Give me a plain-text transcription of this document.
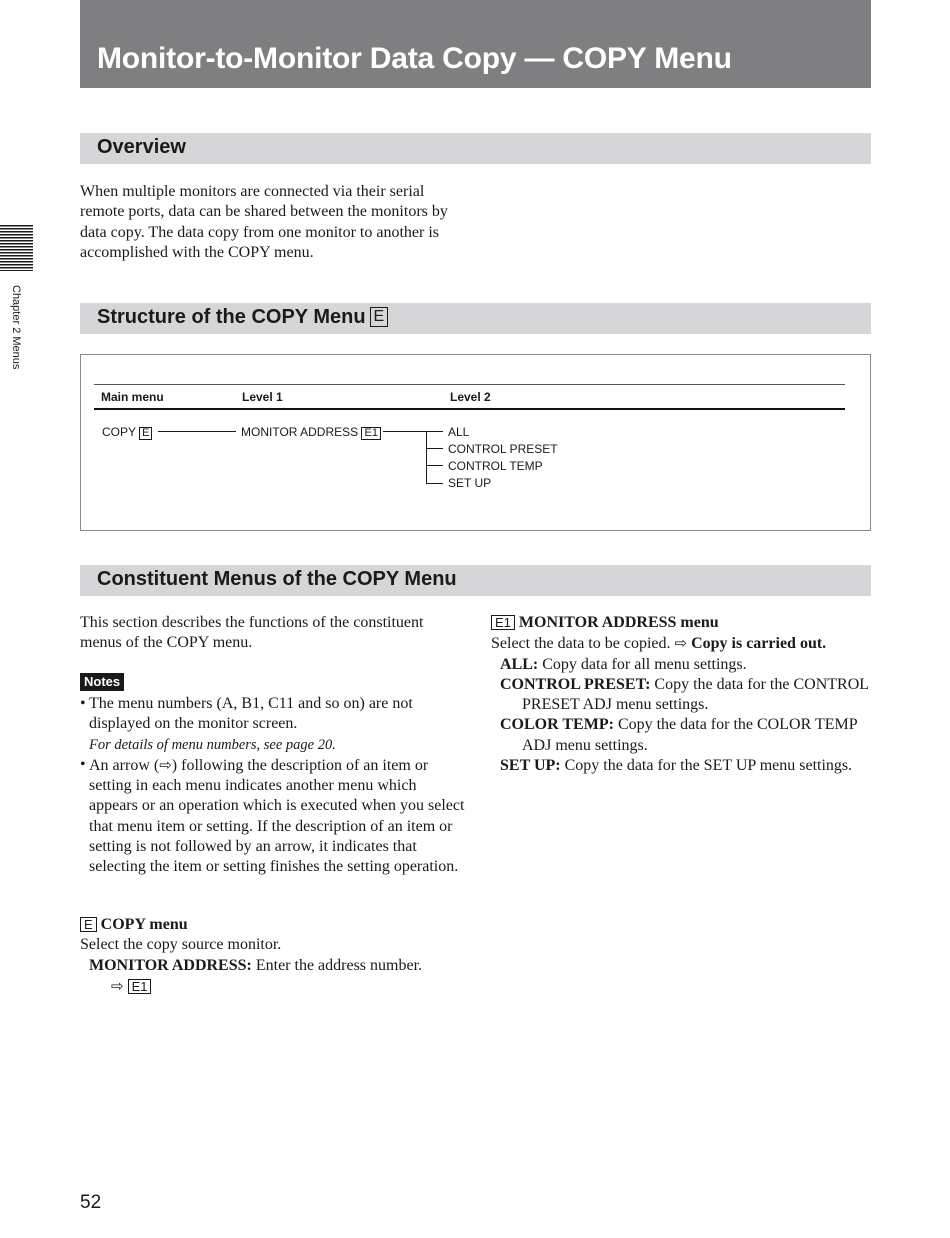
Monitor-to-Monitor Data Copy — COPY Menu
Chapter 2 Menus
Overview

When multiple monitors are connected via their serial remote ports, data can be shared between the monitors by data copy. The data copy from one monitor to another is accomplished with the COPY menu.

Structure of the COPY Menu E
Main menu	Level 1	Level 2
COPY E	MONITOR ADDRESS E1	ALL
CONTROL PRESET
CONTROL TEMP
SET UP
Constituent Menus of the COPY Menu

This section describes the functions of the constituent menus of the COPY menu.

Notes
• The menu numbers (A, B1, C11 and so on) are not displayed on the monitor screen.
For details of menu numbers, see page 20.
• An arrow (⇨) following the description of an item or setting in each menu indicates another menu which appears or an operation which is executed when you select that menu item or setting. If the description of an item or setting is not followed by an arrow, it indicates that selecting the item or setting finishes the setting operation.
E COPY menu
Select the copy source monitor.
MONITOR ADDRESS: Enter the address number.
⇨ E1
E1 MONITOR ADDRESS menu
Select the data to be copied. ⇨ Copy is carried out.
ALL: Copy data for all menu settings.
CONTROL PRESET: Copy the data for the CONTROL PRESET ADJ menu settings.
COLOR TEMP: Copy the data for the COLOR TEMP ADJ menu settings.
SET UP: Copy the data for the SET UP menu settings.
52
